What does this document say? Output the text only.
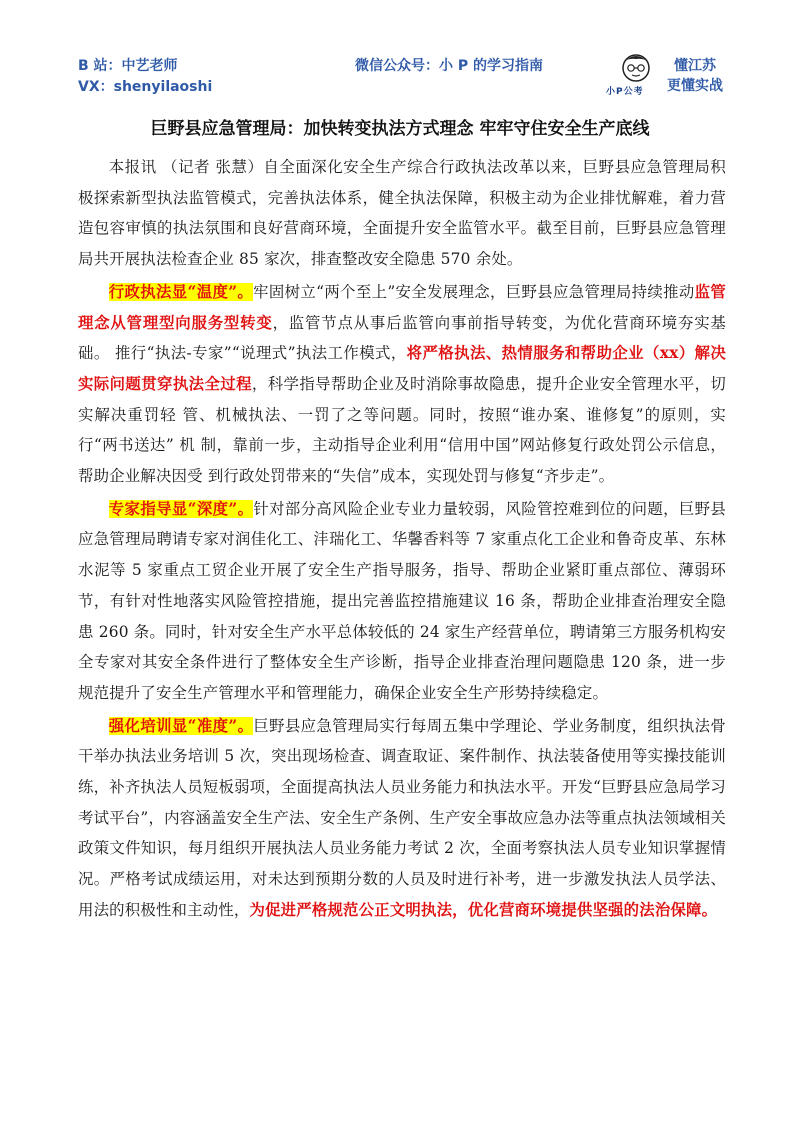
B 站：中艺老师
VX：shenyilaoshi
微信公众号：小 P 的学习指南
小P公考
懂江苏
更懂实战
巨野县应急管理局：加快转变执法方式理念 牢牢守住安全生产底线

本报讯 （记者 张慧）自全面深化安全生产综合行政执法改革以来，巨野县应急管理局积极探索新型执法监管模式，完善执法体系，健全执法保障，积极主动为企业排忧解难，着力营造包容审慎的执法氛围和良好营商环境，全面提升安全监管水平。截至目前，巨野县应急管理局共开展执法检查企业 85 家次，排查整改安全隐患 570 余处。

行政执法显“温度”。牢固树立“两个至上”安全发展理念，巨野县应急管理局持续推动监管理念从管理型向服务型转变，监管节点从事后监管向事前指导转变，为优化营商环境夯实基础。 推行“执法-专家”“说理式”执法工作模式，将严格执法、热情服务和帮助企业（xx）解决实际问题贯穿执法全过程，科学指导帮助企业及时消除事故隐患，提升企业安全管理水平，切实解决重罚轻 管、机械执法、一罚了之等问题。同时，按照“谁办案、谁修复”的原则，实行“两书送达” 机 制，靠前一步，主动指导企业利用“信用中国”网站修复行政处罚公示信息，帮助企业解决因受 到行政处罚带来的“失信”成本，实现处罚与修复“齐步走”。

专家指导显“深度”。针对部分高风险企业专业力量较弱，风险管控难到位的问题，巨野县 应急管理局聘请专家对润佳化工、沣瑞化工、华馨香料等 7 家重点化工企业和鲁奇皮革、东林水泥等 5 家重点工贸企业开展了安全生产指导服务，指导、帮助企业紧盯重点部位、薄弱环节，有针对性地落实风险管控措施，提出完善监控措施建议 16 条，帮助企业排查治理安全隐患 260 条。同时，针对安全生产水平总体较低的 24 家生产经营单位，聘请第三方服务机构安全专家对其安全条件进行了整体安全生产诊断，指导企业排查治理问题隐患 120 条，进一步规范提升了安全生产管理水平和管理能力，确保企业安全生产形势持续稳定。

强化培训显“准度”。巨野县应急管理局实行每周五集中学理论、学业务制度，组织执法骨干举办执法业务培训 5 次，突出现场检查、调查取证、案件制作、执法装备使用等实操技能训练，补齐执法人员短板弱项，全面提高执法人员业务能力和执法水平。开发“巨野县应急局学习考试平台”，内容涵盖安全生产法、安全生产条例、生产安全事故应急办法等重点执法领域相关政策文件知识，每月组织开展执法人员业务能力考试 2 次，全面考察执法人员专业知识掌握情况。严格考试成绩运用，对未达到预期分数的人员及时进行补考，进一步激发执法人员学法、用法的积极性和主动性，为促进严格规范公正文明执法，优化营商环境提供坚强的法治保障。
